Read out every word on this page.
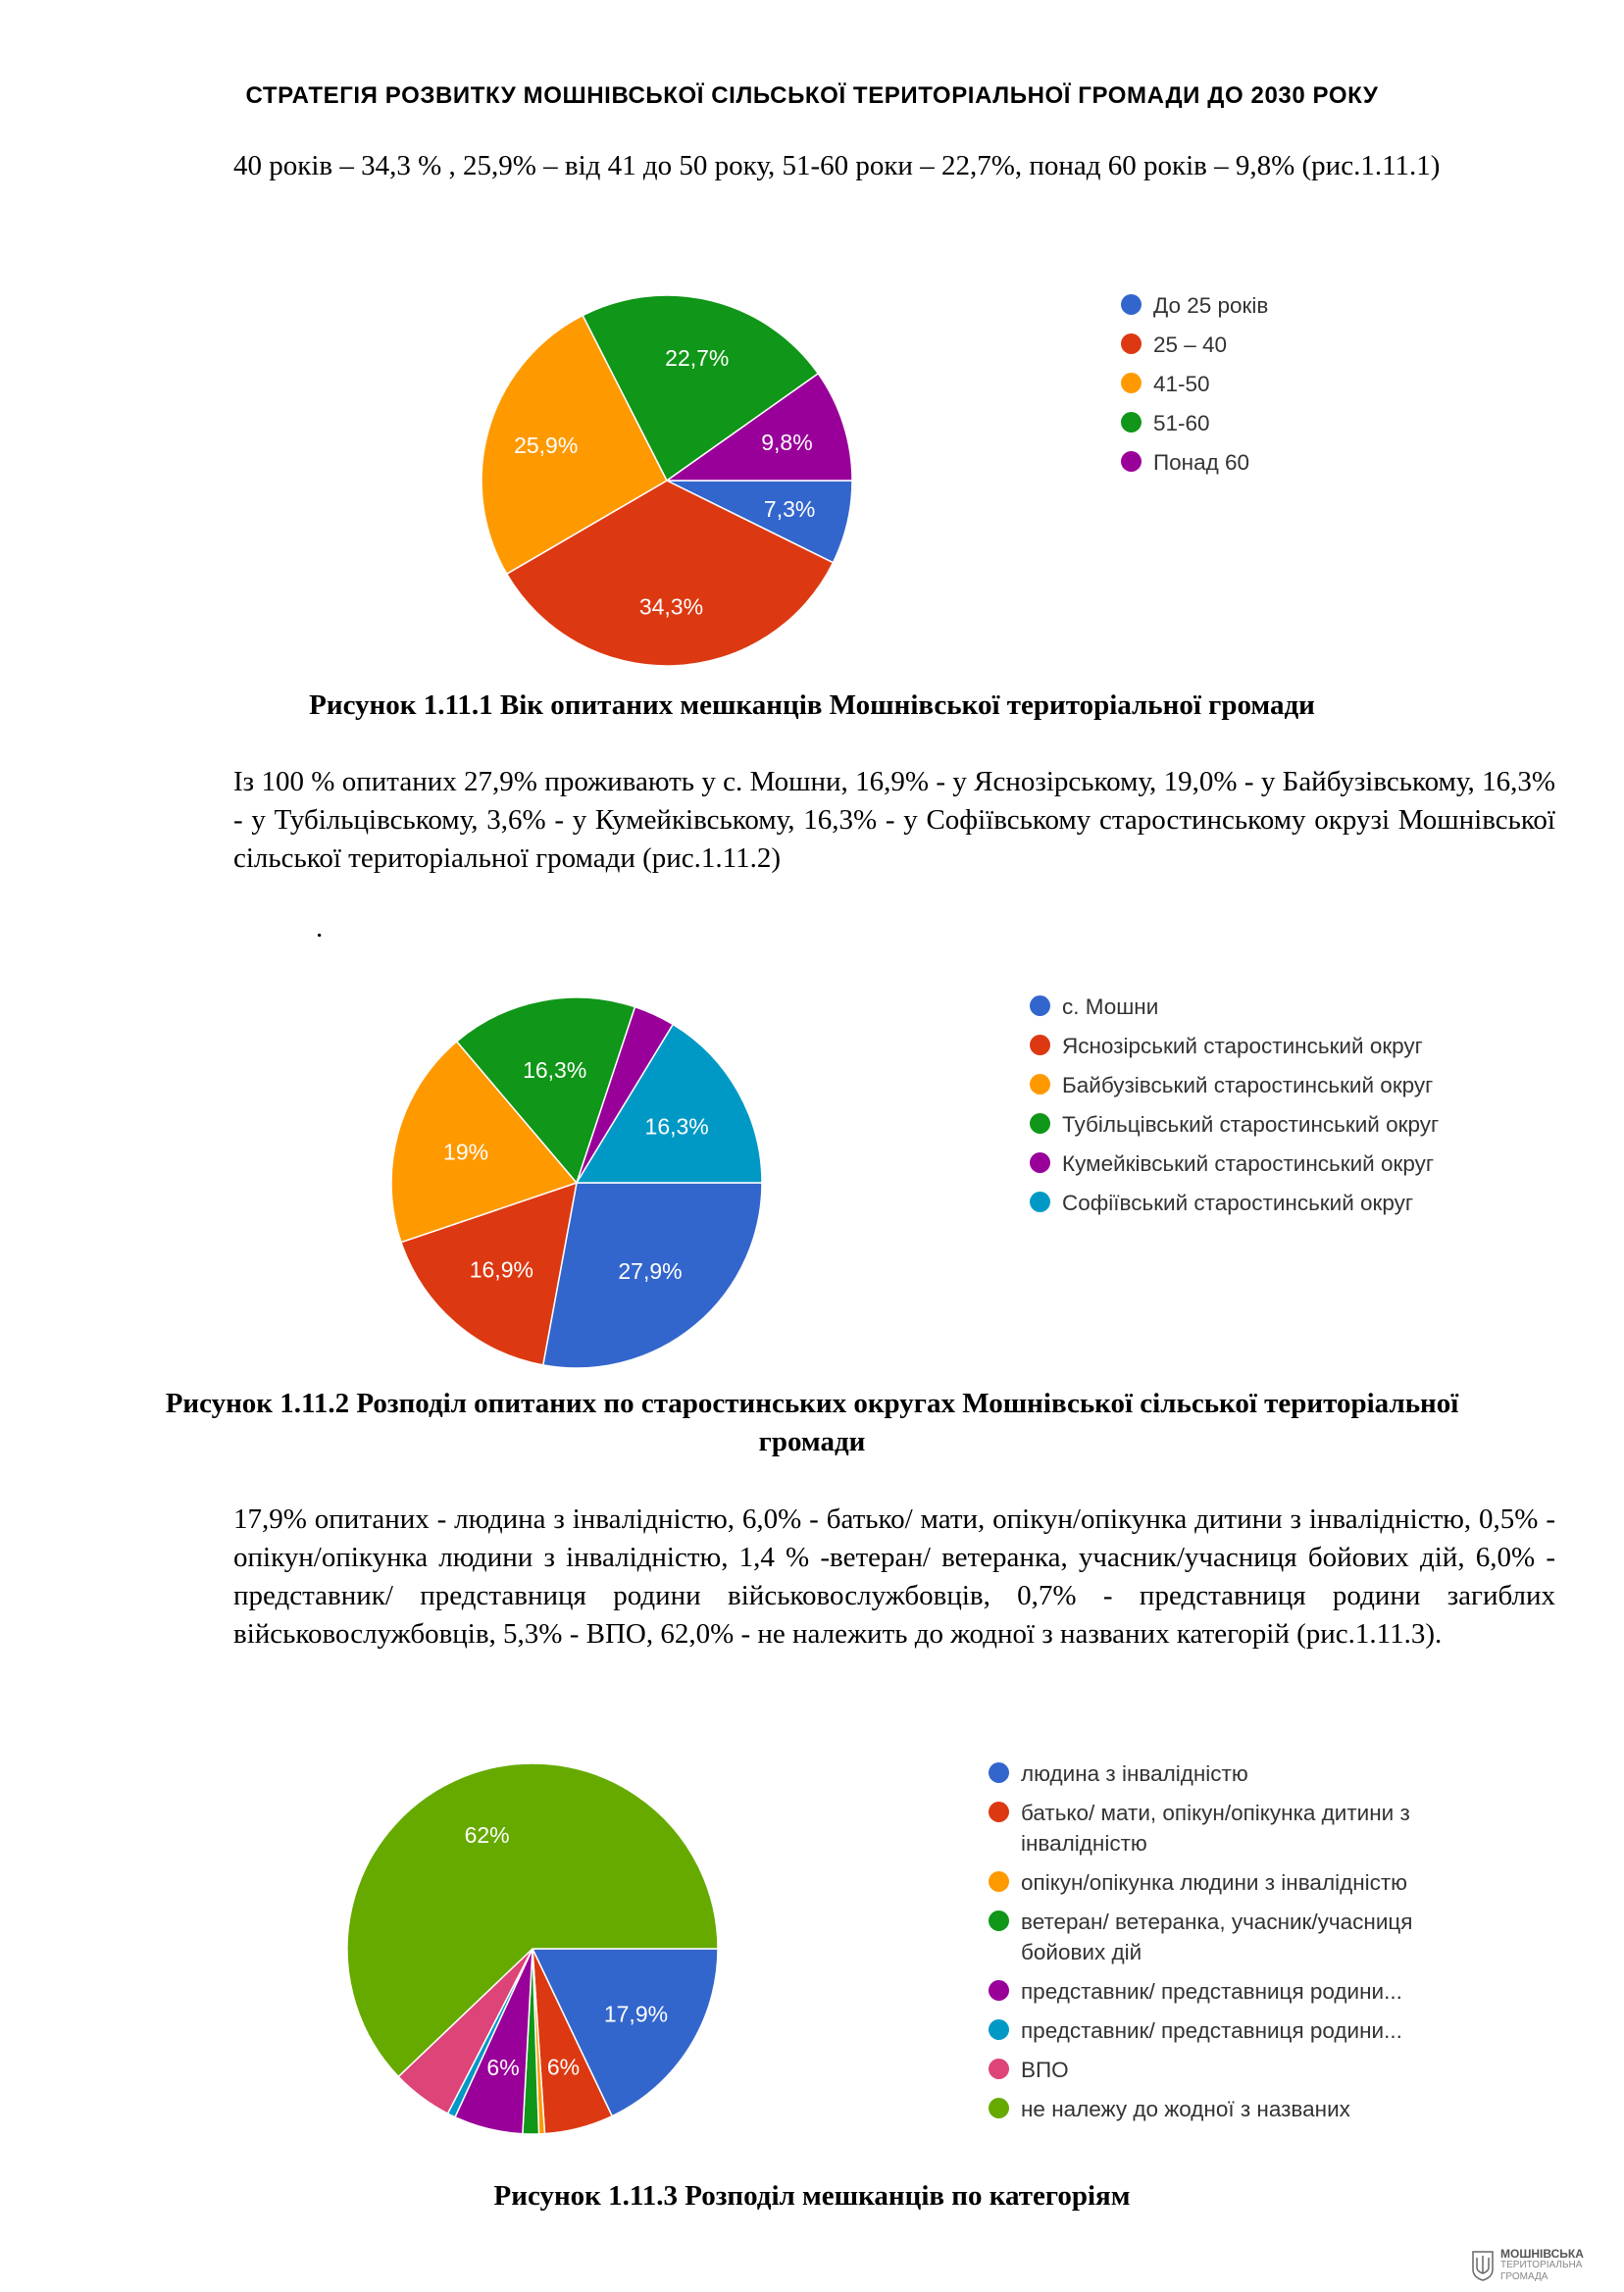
СТРАТЕГІЯ РОЗВИТКУ МОШНІВСЬКОЇ СІЛЬСЬКОЇ ТЕРИТОРІАЛЬНОЇ ГРОМАДИ ДО 2030 РОКУ
40 років – 34,3 % , 25,9% – від 41 до 50 року, 51-60 роки – 22,7%, понад 60 років – 9,8% (рис.1.11.1)
7,3%
34,3%
25,9%
22,7%
9,8%
До 25 років
25 – 40
41-50
51-60
Понад 60
Рисунок 1.11.1 Вік опитаних мешканців Мошнівської територіальної громади
Із 100 % опитаних 27,9% проживають у с. Мошни, 16,9% - у Яснозірському, 19,0% - у Байбузівському, 16,3% - у Тубільцівському, 3,6% - у Кумейківському, 16,3% - у Софіївському старостинському окрузі Мошнівської сільської територіальної громади (рис.1.11.2)
.
27,9%
16,9%
19%
16,3%
16,3%
с. Мошни
Яснозірський старостинський округ
Байбузівський старостинський округ
Тубільцівський старостинський округ
Кумейківський старостинський округ
Софіївський старостинський округ
Рисунок 1.11.2 Розподіл опитаних по старостинських округах Мошнівської сільської територіальної громади
17,9% опитаних - людина з інвалідністю, 6,0% - батько/ мати, опікун/опікунка дитини з інвалідністю, 0,5% - опікун/опікунка людини з інвалідністю, 1,4 % -ветеран/ ветеранка, учасник/учасниця бойових дій, 6,0% - представник/ представниця родини військовослужбовців, 0,7% - представниця родини загиблих військовослужбовців, 5,3% - ВПО, 62,0% - не належить до жодної з названих категорій (рис.1.11.3).
17,9%
6%
6%
62%
людина з інвалідністю
батько/ мати, опікун/опікунка дитини з інвалідністю
опікун/опікунка людини з інвалідністю
ветеран/ ветеранка, учасник/учасниця бойових дій
представник/ представниця родини...
представник/ представниця родини...
ВПО
не належу до жодної з названих
Рисунок 1.11.3 Розподіл мешканців по категоріям
МОШНІВСЬКА
ТЕРИТОРІАЛЬНА
ГРОМАДА
